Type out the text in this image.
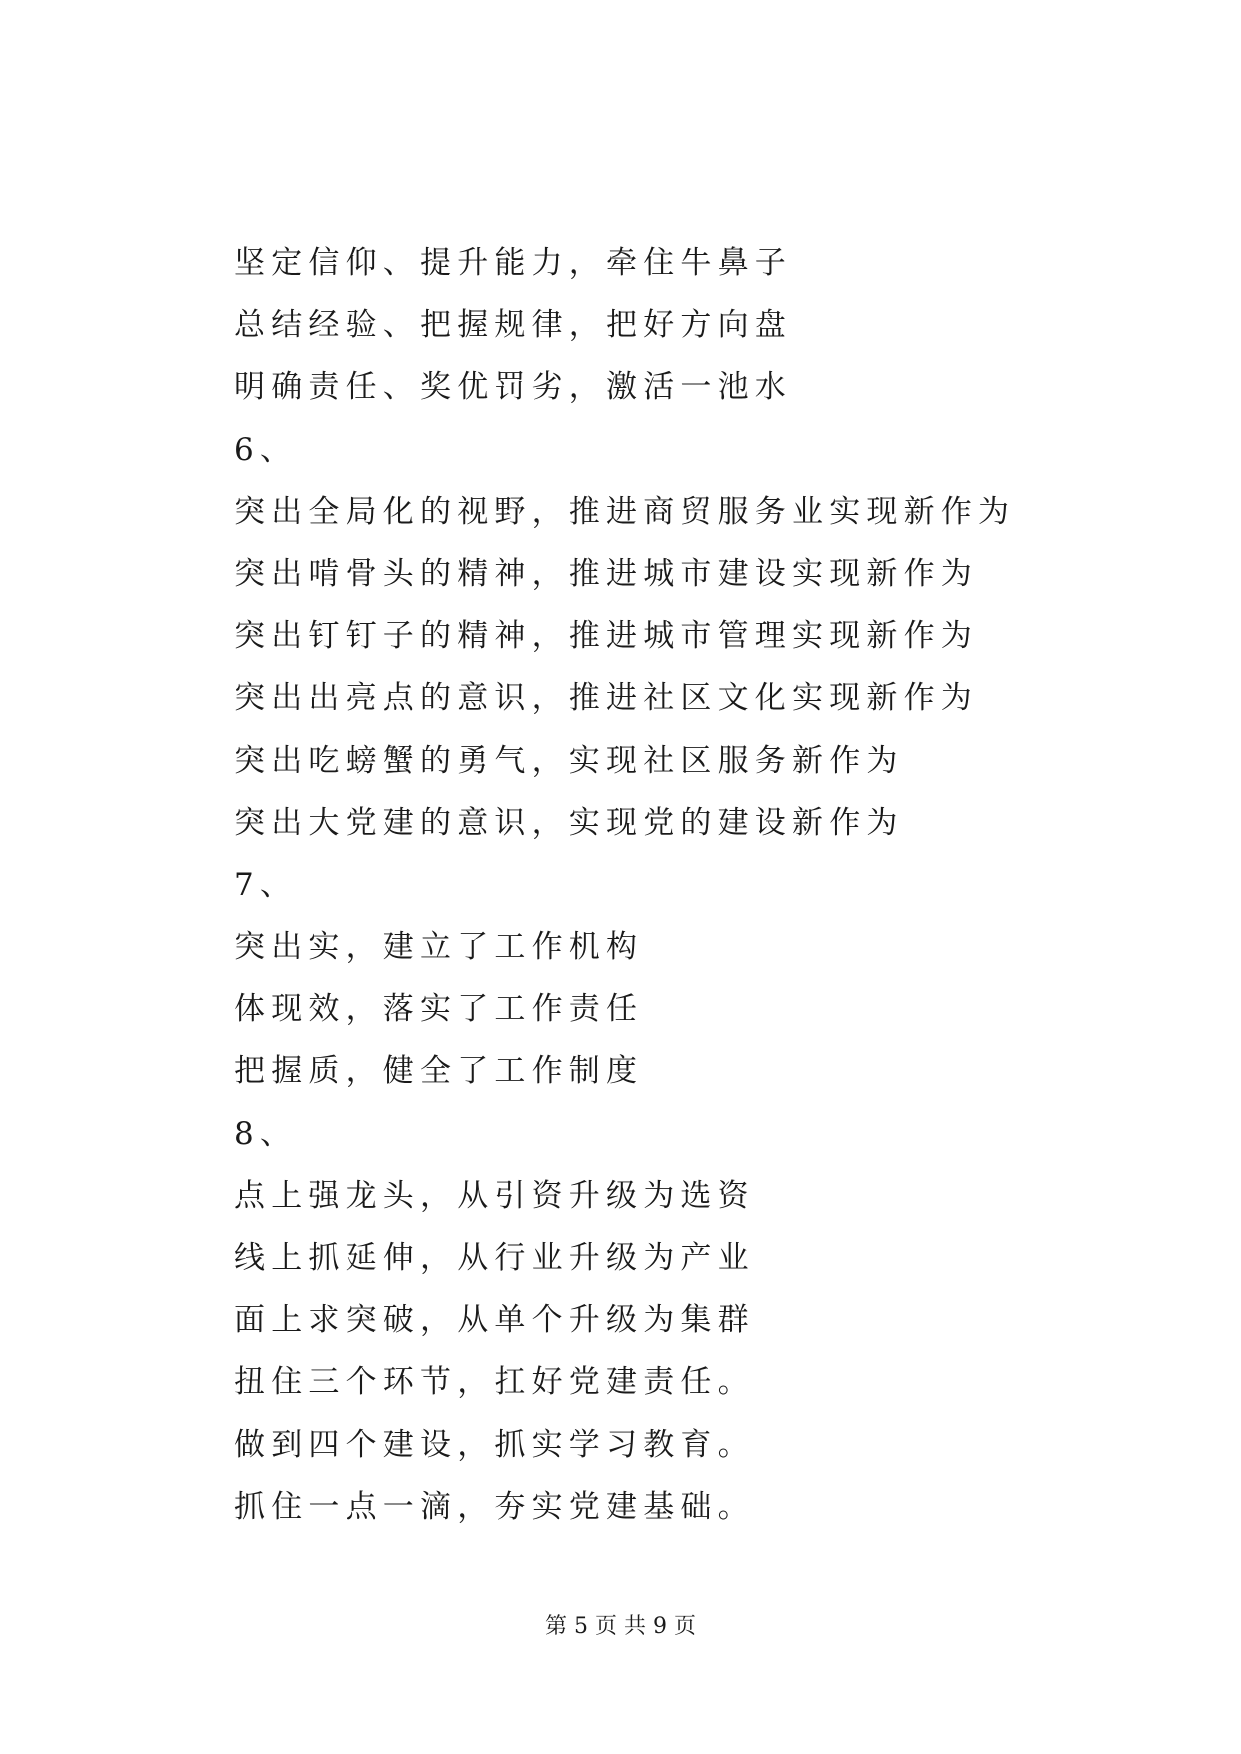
坚定信仰、提升能力，牵住牛鼻子
总结经验、把握规律，把好方向盘
明确责任、奖优罚劣，激活一池水
6、
突出全局化的视野，推进商贸服务业实现新作为
突出啃骨头的精神，推进城市建设实现新作为
突出钉钉子的精神，推进城市管理实现新作为
突出出亮点的意识，推进社区文化实现新作为
突出吃螃蟹的勇气，实现社区服务新作为
突出大党建的意识，实现党的建设新作为
7、
突出实，建立了工作机构
体现效，落实了工作责任
把握质，健全了工作制度
8、
点上强龙头，从引资升级为选资
线上抓延伸，从行业升级为产业
面上求突破，从单个升级为集群
扭住三个环节，扛好党建责任。
做到四个建设，抓实学习教育。
抓住一点一滴，夯实党建基础。
第 5 页 共 9 页
